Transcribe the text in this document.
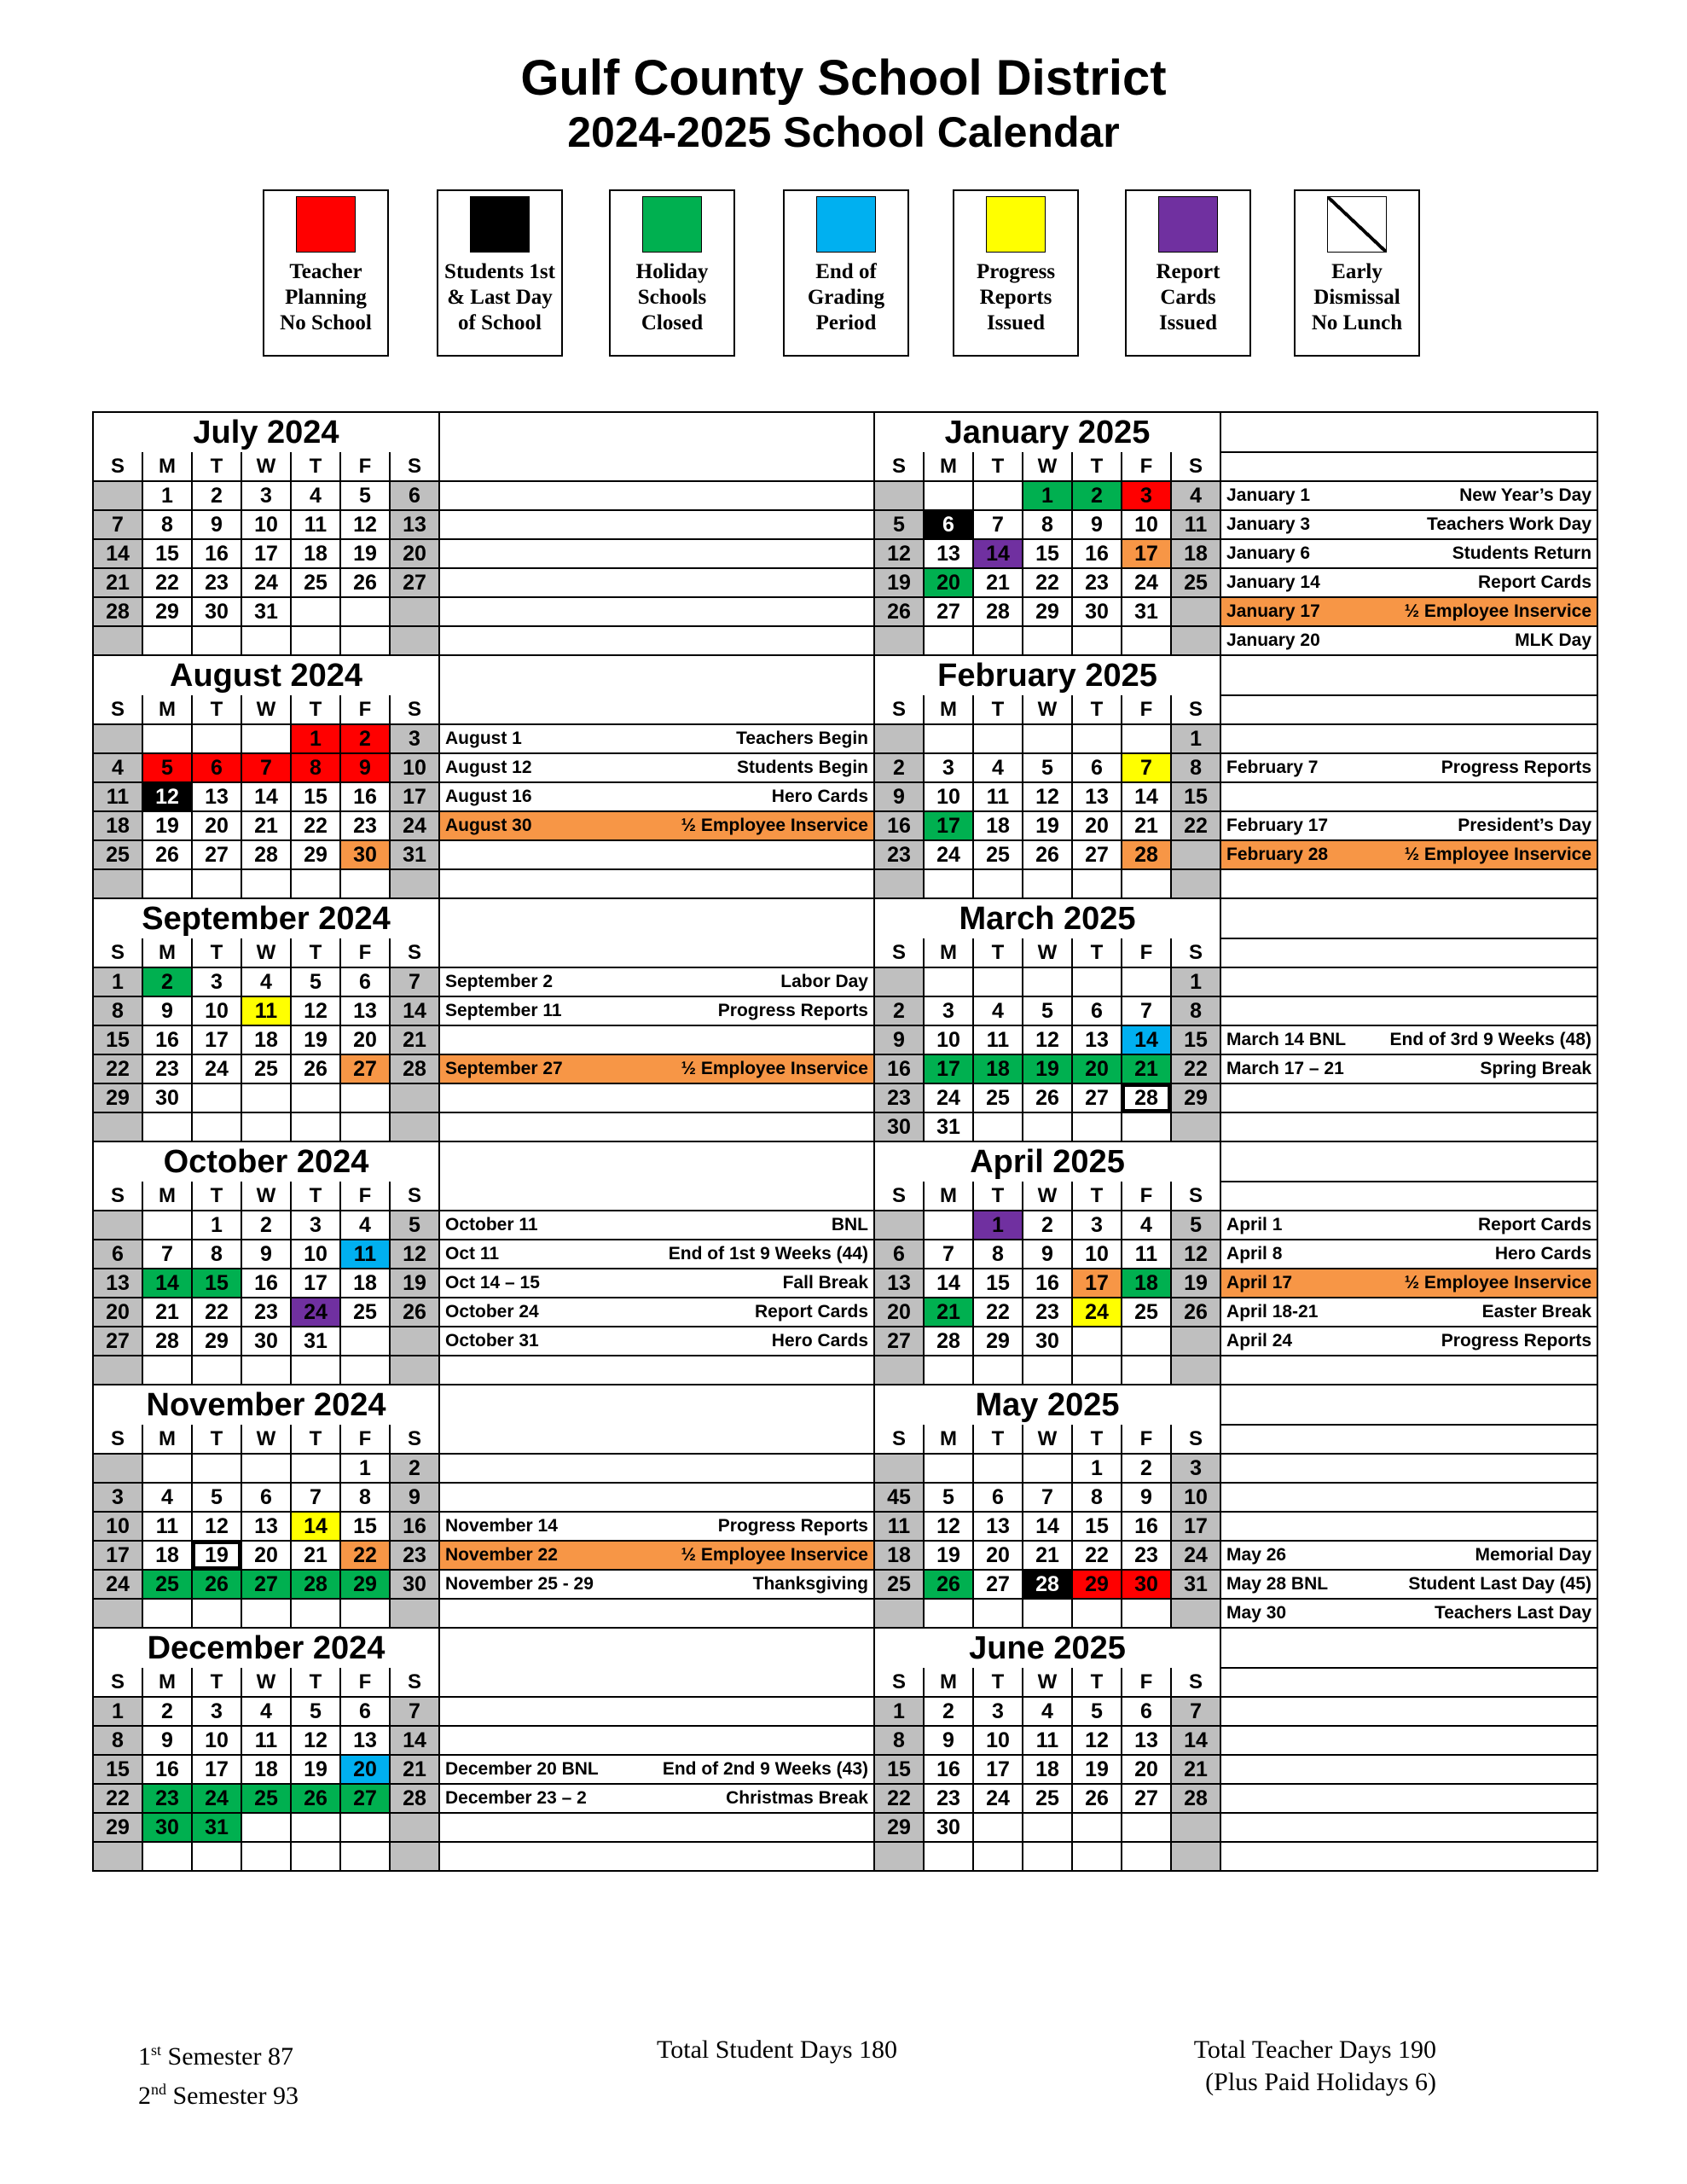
Gulf County School District
2024-2025 School Calendar
Teacher
Planning
No School
Students 1st
& Last Day
of School
Holiday
Schools
Closed
End of
Grading
Period
Progress
Reports
Issued
Report
Cards
Issued
Early
Dismissal
No Lunch
July 2024								January 2025							
S	M	T	W	T	F	S		S	M	T	W	T	F	S	
	1	2	3	4	5	6					1	2	3	4	January 1 New Year’s Day

7	8	9	10	11	12	13		5	6	7	8	9	10	11	January 3 Teachers Work Day

14	15	16	17	18	19	20		12	13	14	15	16	17	18	January 6 Students Return

21	22	23	24	25	26	27		19	20	21	22	23	24	25	January 14 Report Cards

28	29	30	31					26	27	28	29	30	31		January 17 ½ Employee Inservice

															January 20 MLK Day

August 2024								February 2025							
S	M	T	W	T	F	S		S	M	T	W	T	F	S	
				1	2	3	August 1 Teachers Begin							1	
4	5	6	7	8	9	10	August 12 Students Begin	2	3	4	5	6	7	8	February 7 Progress Reports

11	12	13	14	15	16	17	August 16 Hero Cards	9	10	11	12	13	14	15	
18	19	20	21	22	23	24	August 30 ½ Employee Inservice	16	17	18	19	20	21	22	February 17 President’s Day

25	26	27	28	29	30	31		23	24	25	26	27	28		February 28 ½ Employee Inservice

September 2024								March 2025							
S	M	T	W	T	F	S		S	M	T	W	T	F	S	
1	2	3	4	5	6	7	September 2 Labor Day							1	
8	9	10	11	12	13	14	September 11 Progress Reports	2	3	4	5	6	7	8	
15	16	17	18	19	20	21		9	10	11	12	13	14	15	March 14 BNL End of 3rd 9 Weeks (48)

22	23	24	25	26	27	28	September 27 ½ Employee Inservice	16	17	18	19	20	21	22	March 17 – 21 Spring Break

29	30							23	24	25	26	27	28	29	
								30	31						
October 2024								April 2025							
S	M	T	W	T	F	S		S	M	T	W	T	F	S	
		1	2	3	4	5	October 11 BNL			1	2	3	4	5	April 1 Report Cards

6	7	8	9	10	11	12	Oct 11 End of 1st 9 Weeks (44)	6	7	8	9	10	11	12	April 8 Hero Cards

13	14	15	16	17	18	19	Oct 14 – 15 Fall Break	13	14	15	16	17	18	19	April 17 ½ Employee Inservice

20	21	22	23	24	25	26	October 24 Report Cards	20	21	22	23	24	25	26	April 18-21 Easter Break

27	28	29	30	31			October 31 Hero Cards	27	28	29	30				April 24 Progress Reports

November 2024								May 2025							
S	M	T	W	T	F	S		S	M	T	W	T	F	S	
					1	2						1	2	3	
3	4	5	6	7	8	9		45	5	6	7	8	9	10	
10	11	12	13	14	15	16	November 14 Progress Reports	11	12	13	14	15	16	17	
17	18	19	20	21	22	23	November 22 ½ Employee Inservice	18	19	20	21	22	23	24	May 26 Memorial Day

24	25	26	27	28	29	30	November 25 - 29 Thanksgiving	25	26	27	28	29	30	31	May 28 BNL Student Last Day (45)

															May 30 Teachers Last Day

December 2024								June 2025							
S	M	T	W	T	F	S		S	M	T	W	T	F	S	
1	2	3	4	5	6	7		1	2	3	4	5	6	7	
8	9	10	11	12	13	14		8	9	10	11	12	13	14	
15	16	17	18	19	20	21	December 20 BNL End of 2nd 9 Weeks (43)	15	16	17	18	19	20	21	
22	23	24	25	26	27	28	December 23 – 2 Christmas Break	22	23	24	25	26	27	28	
29	30	31						29	30						

1st Semester 87
2nd Semester 93
Total Student Days 180	Total Teacher Days 190
(Plus Paid Holidays 6)
